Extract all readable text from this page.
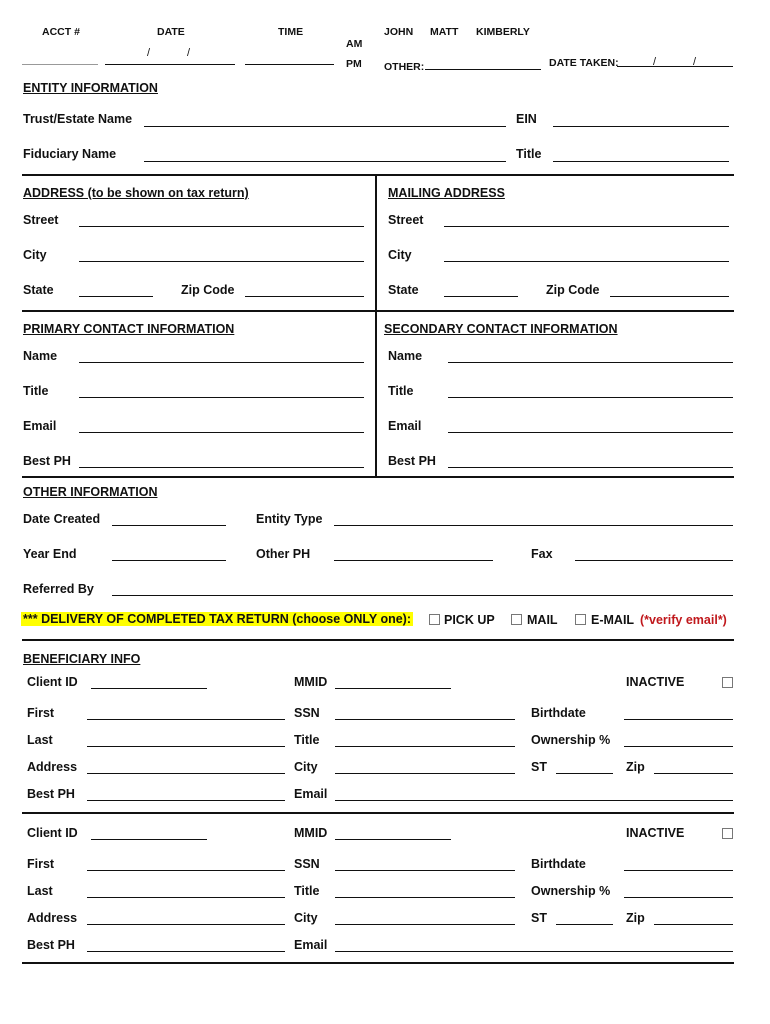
ACCT #	DATE
/	/
TIME
AM
PM
JOHN MATT KIMBERLY
OTHER:	DATE TAKEN:	/	/
ENTITY INFORMATION
Trust/Estate Name	EIN
Fiduciary Name	Title
ADDRESS (to be shown on tax return)
Street
City
State	Zip Code
MAILING ADDRESS
Street
City
State	Zip Code
PRIMARY CONTACT INFORMATION
Name
Title
Email
Best PH
SECONDARY CONTACT INFORMATION
Name
Title
Email
Best PH
OTHER INFORMATION
Date Created	Entity Type
Year End	Other PH	Fax
Referred By
*** DELIVERY OF COMPLETED TAX RETURN (choose ONLY one):	PICK UP	MAIL	E-MAIL (*verify email*)
BENEFICIARY INFO
Client ID	MMID	INACTIVE
First	SSN	Birthdate
Last	Title	Ownership %
Address	City	ST	Zip
Best PH	Email
Client ID	MMID	INACTIVE
First	SSN	Birthdate
Last	Title	Ownership %
Address	City	ST	Zip
Best PH	Email
